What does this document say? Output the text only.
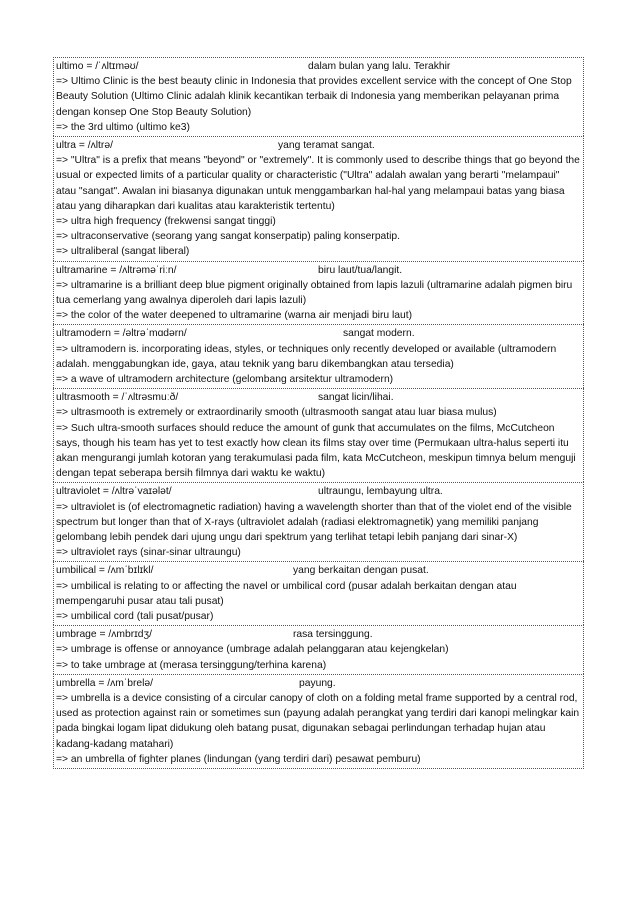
ultimo = /ˈʌltɪməʊ/	dalam bulan yang lalu. Terakhir

=> Ultimo Clinic is the best beauty clinic in Indonesia that provides excellent service with the concept of One Stop Beauty Solution (Ultimo Clinic adalah klinik kecantikan terbaik di Indonesia yang memberikan pelayanan prima dengan konsep One Stop Beauty Solution)

=> the 3rd ultimo (ultimo ke3)

ultra = /ʌltrə/	yang teramat sangat.

=> "Ultra" is a prefix that means "beyond" or "extremely". It is commonly used to describe things that go beyond the usual or expected limits of a particular quality or characteristic ("Ultra" adalah awalan yang berarti "melampaui" atau "sangat". Awalan ini biasanya digunakan untuk menggambarkan hal-hal yang melampaui batas yang biasa atau yang diharapkan dari kualitas atau karakteristik tertentu)

=> ultra high frequency (frekwensi sangat tinggi)

=> ultraconservative (seorang yang sangat konserpatip) paling konserpatip.

=> ultraliberal (sangat liberal)

ultramarine = /ʌltrəməˈriːn/	biru laut/tua/langit.

=> ultramarine is a brilliant deep blue pigment originally obtained from lapis lazuli (ultramarine adalah pigmen biru tua cemerlang yang awalnya diperoleh dari lapis lazuli)

=> the color of the water deepened to ultramarine (warna air menjadi biru laut)

ultramodern = /əltrəˈmɑdərn/	sangat modern.

=> ultramodern is. incorporating ideas, styles, or techniques only recently developed or available (ultramodern adalah. menggabungkan ide, gaya, atau teknik yang baru dikembangkan atau tersedia)

=> a wave of ultramodern architecture (gelombang arsitektur ultramodern)

ultrasmooth = /ˈʌltrəsmuːð/	sangat licin/lihai.

=> ultrasmooth is extremely or extraordinarily smooth (ultrasmooth sangat atau luar biasa mulus)

=> Such ultra-smooth surfaces should reduce the amount of gunk that accumulates on the films, McCutcheon says, though his team has yet to test exactly how clean its films stay over time (Permukaan ultra-halus seperti itu akan mengurangi jumlah kotoran yang terakumulasi pada film, kata McCutcheon, meskipun timnya belum menguji dengan tepat seberapa bersih filmnya dari waktu ke waktu)

ultraviolet = /ʌltrəˈvaɪələt/	ultraungu, lembayung ultra.

=> ultraviolet is (of electromagnetic radiation) having a wavelength shorter than that of the violet end of the visible spectrum but longer than that of X-rays (ultraviolet adalah (radiasi elektromagnetik) yang memiliki panjang gelombang lebih pendek dari ujung ungu dari spektrum yang terlihat tetapi lebih panjang dari sinar-X)

=> ultraviolet rays (sinar-sinar ultraungu)

umbilical = /ʌmˈbɪlɪkl/	yang berkaitan dengan pusat.

=> umbilical is relating to or affecting the navel or umbilical cord (pusar adalah berkaitan dengan atau mempengaruhi pusar atau tali pusat)

=> umbilical cord (tali pusat/pusar)

umbrage = /ʌmbrɪdʒ/	rasa tersinggung.

=> umbrage is offense or annoyance (umbrage adalah pelanggaran atau kejengkelan)

=> to take umbrage at (merasa tersinggung/terhina karena)

umbrella = /ʌmˈbrelə/	payung.

=> umbrella is a device consisting of a circular canopy of cloth on a folding metal frame supported by a central rod, used as protection against rain or sometimes sun (payung adalah perangkat yang terdiri dari kanopi melingkar kain pada bingkai logam lipat didukung oleh batang pusat, digunakan sebagai perlindungan terhadap hujan atau kadang-kadang matahari)

=> an umbrella of fighter planes (lindungan (yang terdiri dari) pesawat pemburu)
